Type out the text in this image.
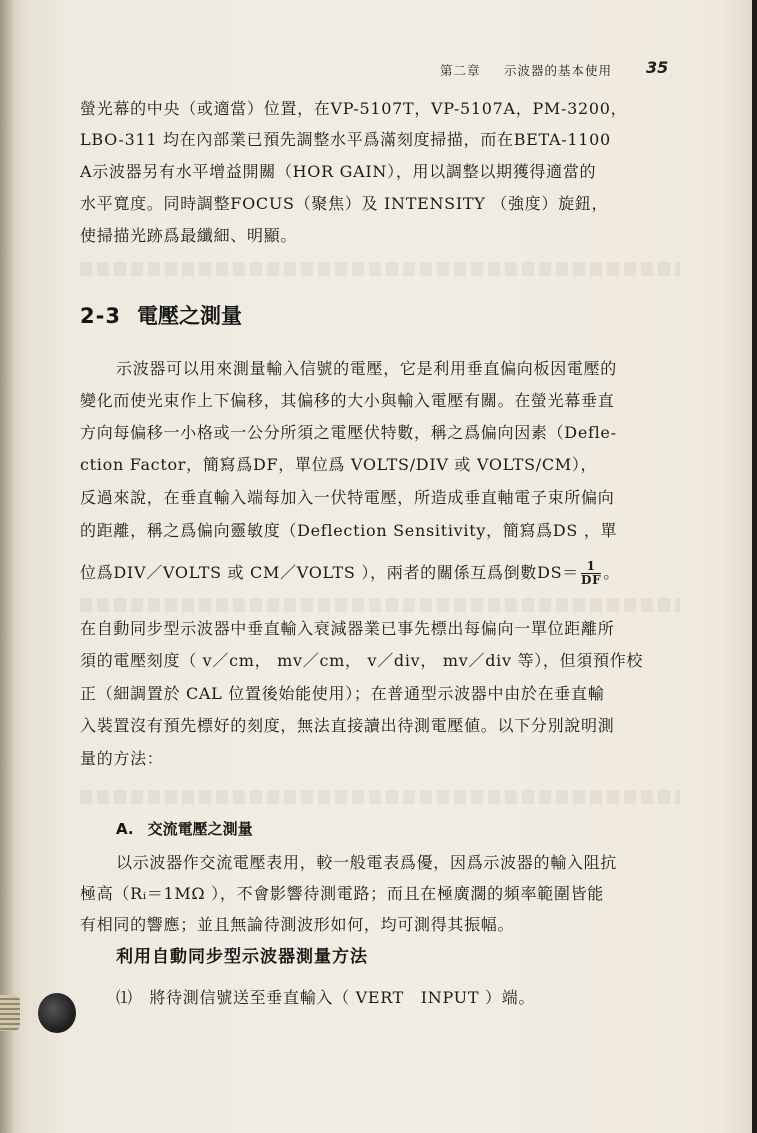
第二章 示波器的基本使用 35
螢光幕的中央（或適當）位置，在VP-5107T，VP-5107A，PM-3200，
LBO-311 均在內部業已預先調整水平爲滿刻度掃描，而在BETA-1100
A示波器另有水平增益開關（HOR GAIN），用以調整以期獲得適當的
水平寬度。同時調整FOCUS（聚焦）及 INTENSITY （強度）旋鈕，
使掃描光跡爲最纖細、明顯。
2-3 電壓之測量
示波器可以用來測量輸入信號的電壓，它是利用垂直偏向板因電壓的
變化而使光束作上下偏移，其偏移的大小與輸入電壓有關。在螢光幕垂直
方向每偏移一小格或一公分所須之電壓伏特數，稱之爲偏向因素（Defle-
ction Factor，簡寫爲DF，單位爲 VOLTS/DIV 或 VOLTS/CM），
反過來說，在垂直輸入端每加入一伏特電壓，所造成垂直軸電子束所偏向
的距離，稱之爲偏向靈敏度（Deflection Sensitivity，簡寫爲DS ，單
位爲DIV／VOLTS 或 CM／VOLTS ），兩者的關係互爲倒數$DS= \frac{1}{DF}$ 。
在自動同步型示波器中垂直輸入衰減器業已事先標出每偏向一單位距離所
須的電壓刻度（ v／cm， mv／cm， v／div， mv／div 等），但須預作校
正（細調置於 CAL 位置後始能使用）；在普通型示波器中由於在垂直輸
入裝置沒有預先標好的刻度，無法直接讀出待測電壓値。以下分別說明測
量的方法：
A. 交流電壓之測量
以示波器作交流電壓表用，較一般電表爲優，因爲示波器的輸入阻抗
極高（Rᵢ＝1MΩ ），不會影響待測電路；而且在極廣濶的頻率範圍皆能
有相同的響應；並且無論待測波形如何，均可測得其振幅。
利用自動同步型示波器測量方法
⑴　將待測信號送至垂直輸入（ VERT　INPUT ）端。
